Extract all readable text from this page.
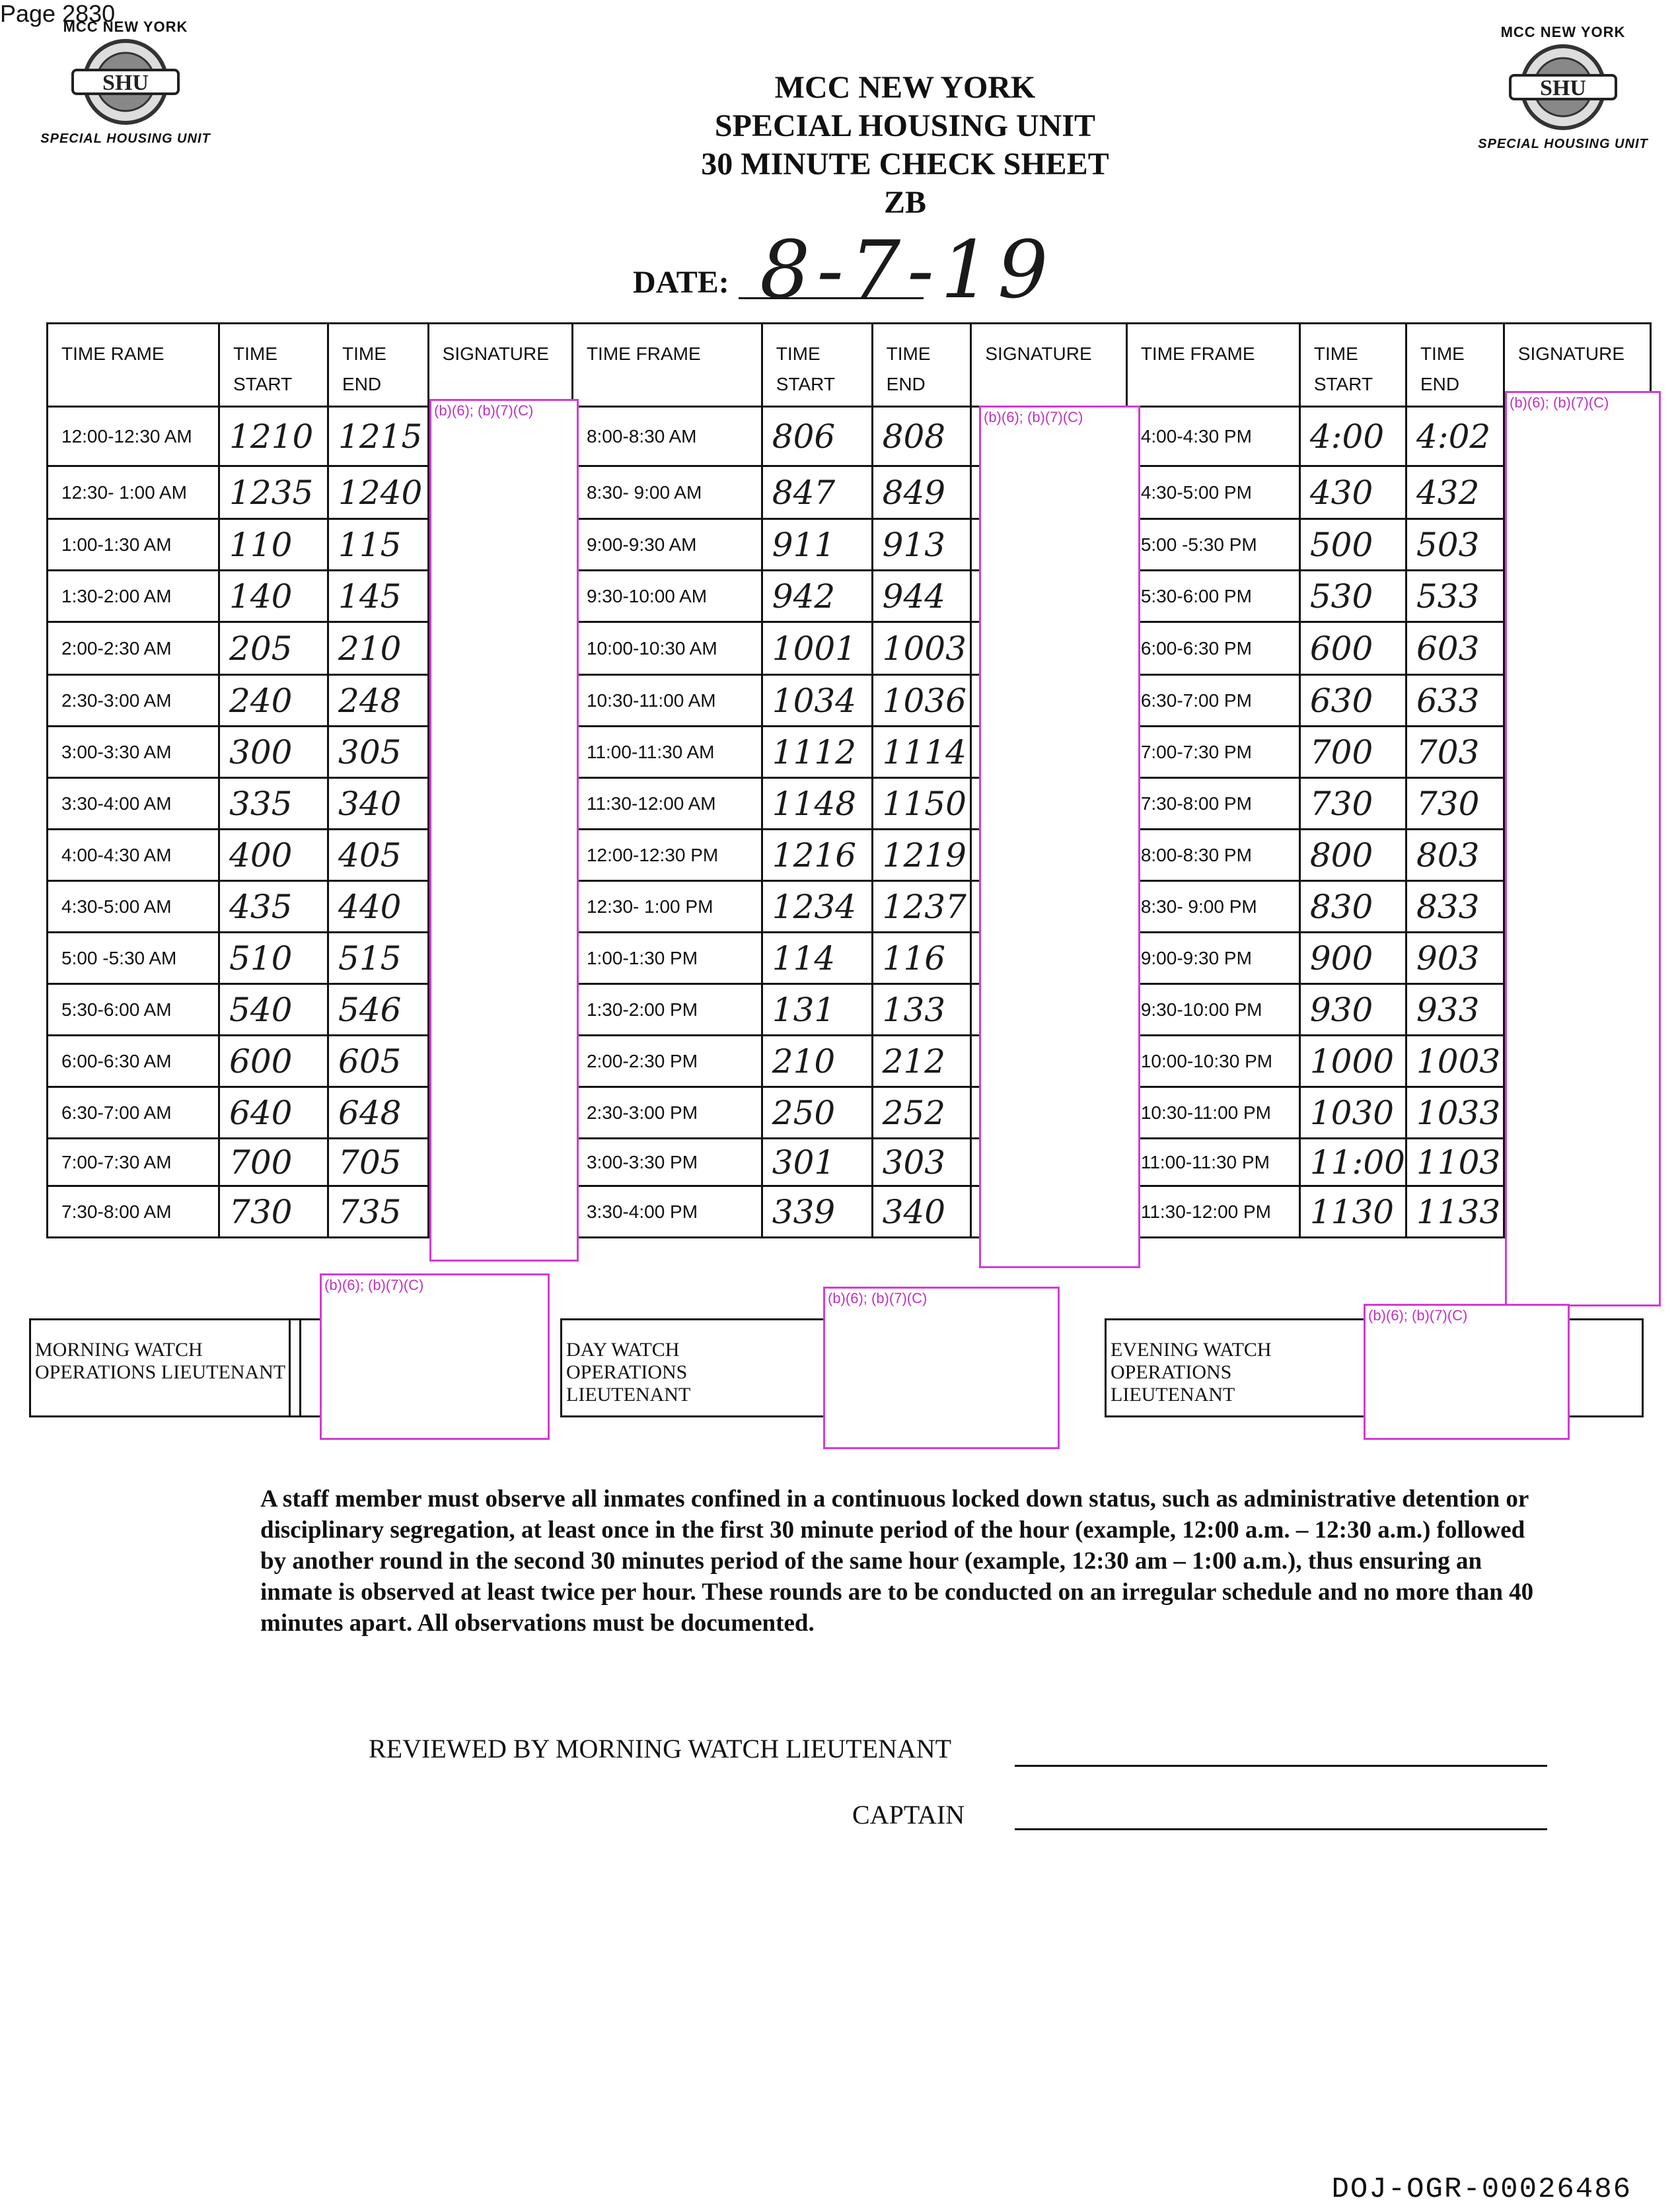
Page 2830
MCC NEW YORK
SHU
SPECIAL HOUSING UNIT
MCC NEW YORK
SHU
SPECIAL HOUSING UNIT
MCC NEW YORK
SPECIAL HOUSING UNIT
30 MINUTE CHECK SHEET
ZB
DATE: 8-7-19
TIME RAME	TIME START	TIME END	SIGNATURE	TIME FRAME	TIME START	TIME END	SIGNATURE	TIME FRAME	TIME START	TIME END	SIGNATURE
12:00-12:30 AM	1210	1215		8:00-8:30 AM	806	808		4:00-4:30 PM	4:00	4:02	
12:30- 1:00 AM	1235	1240		8:30- 9:00 AM	847	849		4:30-5:00 PM	430	432	
1:00-1:30 AM	110	115		9:00-9:30 AM	911	913		5:00 -5:30 PM	500	503	
1:30-2:00 AM	140	145		9:30-10:00 AM	942	944		5:30-6:00 PM	530	533	
2:00-2:30 AM	205	210		10:00-10:30 AM	1001	1003		6:00-6:30 PM	600	603	
2:30-3:00 AM	240	248		10:30-11:00 AM	1034	1036		6:30-7:00 PM	630	633	
3:00-3:30 AM	300	305		11:00-11:30 AM	1112	1114		7:00-7:30 PM	700	703	
3:30-4:00 AM	335	340		11:30-12:00 AM	1148	1150		7:30-8:00 PM	730	730	
4:00-4:30 AM	400	405		12:00-12:30 PM	1216	1219		8:00-8:30 PM	800	803	
4:30-5:00 AM	435	440		12:30- 1:00 PM	1234	1237		8:30- 9:00 PM	830	833	
5:00 -5:30 AM	510	515		1:00-1:30 PM	114	116		9:00-9:30 PM	900	903	
5:30-6:00 AM	540	546		1:30-2:00 PM	131	133		9:30-10:00 PM	930	933	
6:00-6:30 AM	600	605		2:00-2:30 PM	210	212		10:00-10:30 PM	1000	1003	
6:30-7:00 AM	640	648		2:30-3:00 PM	250	252		10:30-11:00 PM	1030	1033	
7:00-7:30 AM	700	705		3:00-3:30 PM	301	303		11:00-11:30 PM	11:00	1103	
7:30-8:00 AM	730	735		3:30-4:00 PM	339	340		11:30-12:00 PM	1130	1133	
(b)(6); (b)(7)(C)	(b)(6); (b)(7)(C)
(b)(6); (b)(7)(C)
MORNING WATCH OPERATIONS LIEUTENANT
DAY WATCH OPERATIONS LIEUTENANT
EVENING WATCH OPERATIONS LIEUTENANT
(b)(6); (b)(7)(C)
(b)(6); (b)(7)(C)
(b)(6); (b)(7)(C)
A staff member must observe all inmates confined in a continuous locked down status, such as administrative detention or disciplinary segregation, at least once in the first 30 minute period of the hour (example, 12:00 a.m. – 12:30 a.m.) followed by another round in the second 30 minutes period of the same hour (example, 12:30 am – 1:00 a.m.), thus ensuring an inmate is observed at least twice per hour. These rounds are to be conducted on an irregular schedule and no more than 40 minutes apart. All observations must be documented.
REVIEWED BY MORNING WATCH LIEUTENANT
CAPTAIN
DOJ-OGR-00026486
